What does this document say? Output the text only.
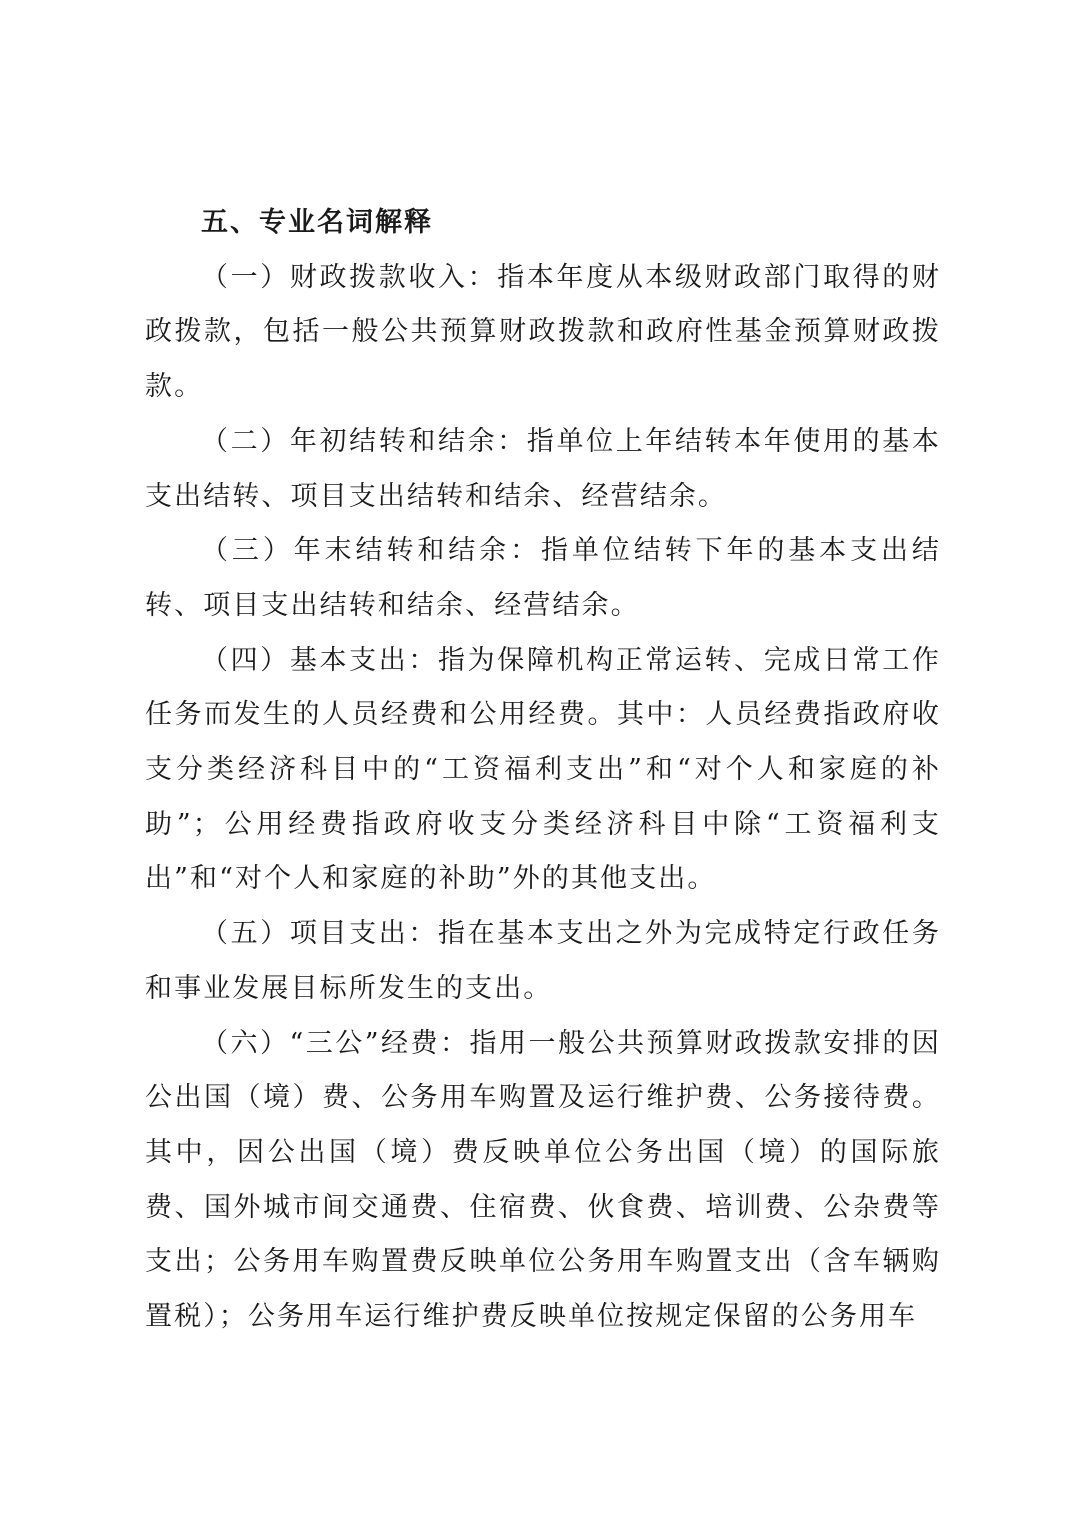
五、专业名词解释

（一）财政拨款收入：指本年度从本级财政部门取得的财政拨款，包括一般公共预算财政拨款和政府性基金预算财政拨款。

（二）年初结转和结余：指单位上年结转本年使用的基本支出结转、项目支出结转和结余、经营结余。

（三）年末结转和结余：指单位结转下年的基本支出结转、项目支出结转和结余、经营结余。

（四）基本支出：指为保障机构正常运转、完成日常工作任务而发生的人员经费和公用经费。其中：人员经费指政府收支分类经济科目中的“工资福利支出”和“对个人和家庭的补助”；公用经费指政府收支分类经济科目中除“工资福利支出”和“对个人和家庭的补助”外的其他支出。

（五）项目支出：指在基本支出之外为完成特定行政任务和事业发展目标所发生的支出。

（六）“三公”经费：指用一般公共预算财政拨款安排的因公出国（境）费、公务用车购置及运行维护费、公务接待费。其中，因公出国（境）费反映单位公务出国（境）的国际旅费、国外城市间交通费、住宿费、伙食费、培训费、公杂费等支出；公务用车购置费反映单位公务用车购置支出（含车辆购置税）；公务用车运行维护费反映单位按规定保留的公务用车
